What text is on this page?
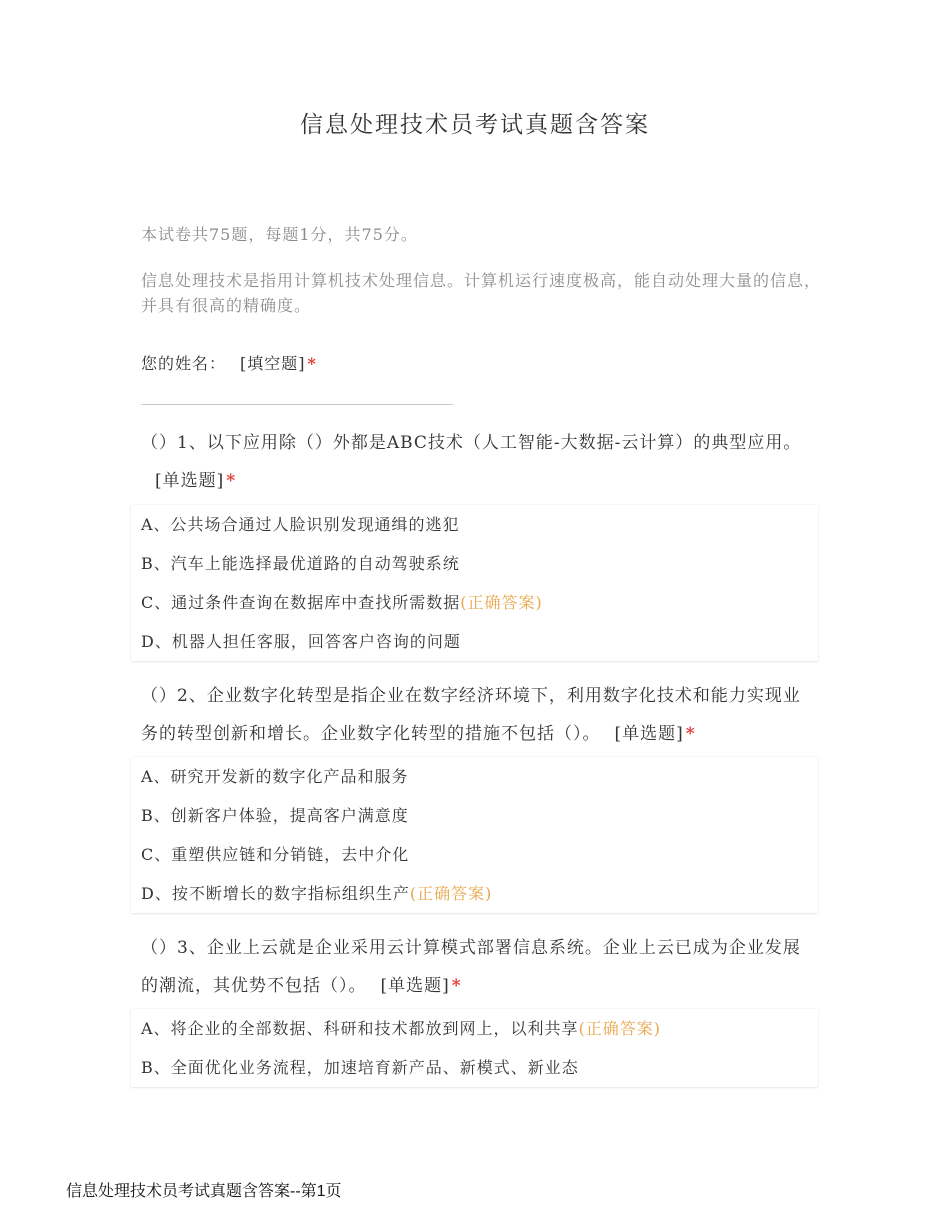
信息处理技术员考试真题含答案
本试卷共75题，每题1分，共75分。
信息处理技术是指用计算机技术处理信息。计算机运行速度极高，能自动处理大量的信息，并具有很高的精确度。
您的姓名： [填空题] *
（）1、以下应用除（）外都是ABC技术（人工智能-大数据-云计算）的典型应用。[单选题] *
A、公共场合通过人脸识别发现通缉的逃犯
B、汽车上能选择最优道路的自动驾驶系统
C、通过条件查询在数据库中查找所需数据(正确答案)
D、机器人担任客服，回答客户咨询的问题
（）2、企业数字化转型是指企业在数字经济环境下，利用数字化技术和能力实现业务的转型创新和增长。企业数字化转型的措施不包括（）。 [单选题] *
A、研究开发新的数字化产品和服务
B、创新客户体验，提高客户满意度
C、重塑供应链和分销链，去中介化
D、按不断增长的数字指标组织生产(正确答案)
（）3、企业上云就是企业采用云计算模式部署信息系统。企业上云已成为企业发展的潮流，其优势不包括（）。 [单选题] *
A、将企业的全部数据、科研和技术都放到网上，以利共享(正确答案)
B、全面优化业务流程，加速培育新产品、新模式、新业态
信息处理技术员考试真题含答案--第1页
